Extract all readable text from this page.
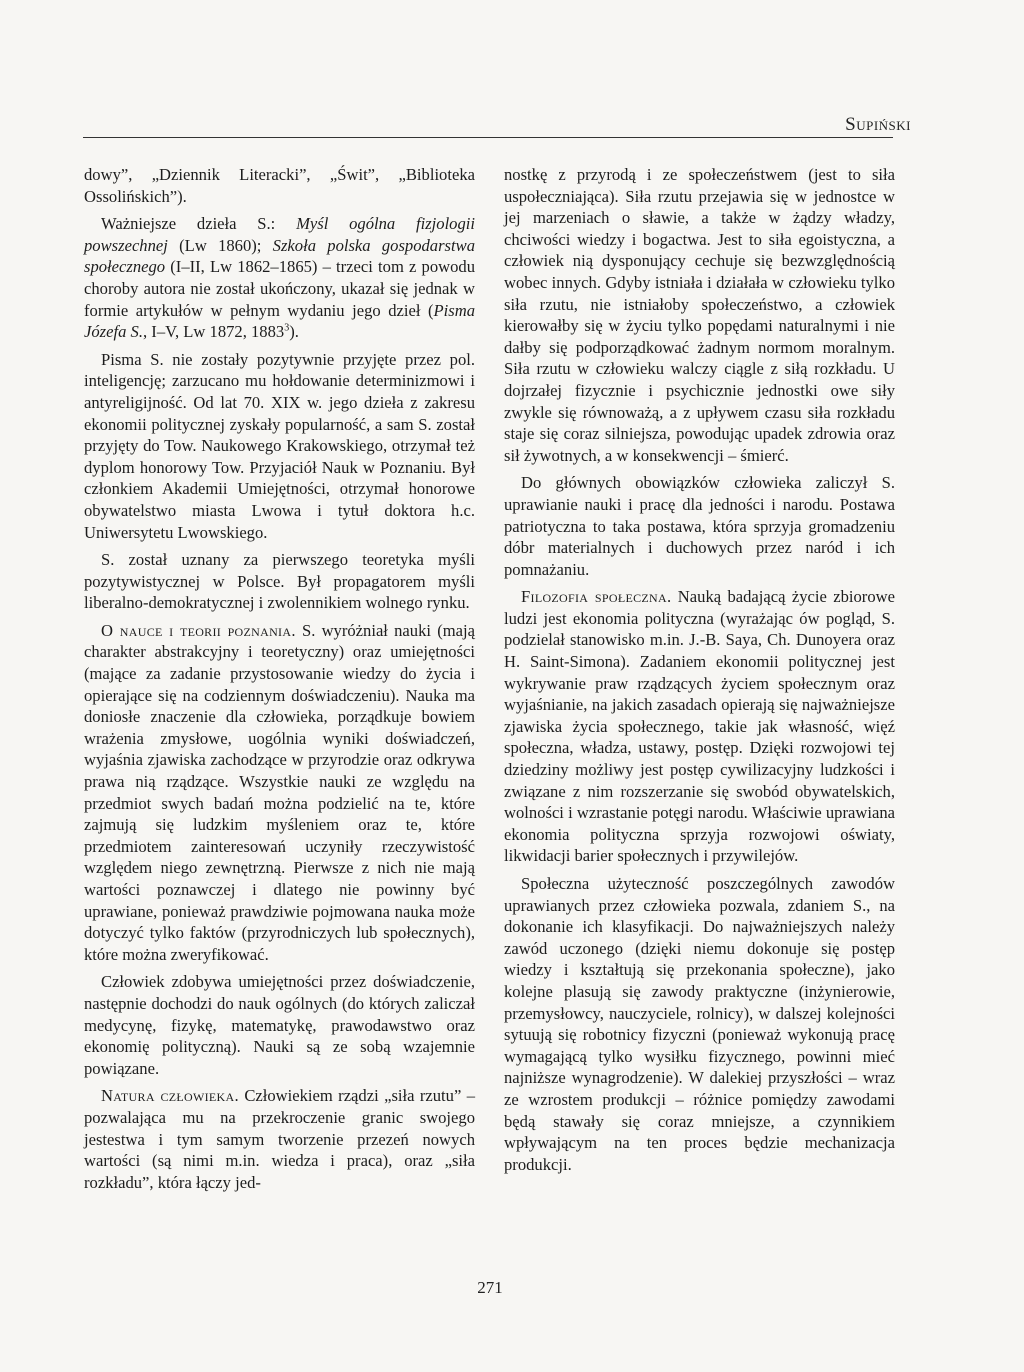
Supiński

dowy”, „Dziennik Literacki”, „Świt”, „Biblioteka Ossolińskich”).

Ważniejsze dzieła S.: Myśl ogólna fizjologii powszechnej (Lw 1860); Szkoła polska gospodarstwa społecznego (I–II, Lw 1862–1865) – trzeci tom z powodu choroby autora nie został ukończony, ukazał się jednak w formie artykułów w pełnym wydaniu jego dzieł (Pisma Józefa S., I–V, Lw 1872, 1883$^3$).

Pisma S. nie zostały pozytywnie przyjęte przez pol. inteligencję; zarzucano mu hołdowanie determinizmowi i antyreligijność. Od lat 70. XIX w. jego dzieła z zakresu ekonomii politycznej zyskały popularność, a sam S. został przyjęty do Tow. Naukowego Krakowskiego, otrzymał też dyplom honorowy Tow. Przyjaciół Nauk w Poznaniu. Był członkiem Akademii Umiejętności, otrzymał honorowe obywatelstwo miasta Lwowa i tytuł doktora h.c. Uniwersytetu Lwowskiego.

S. został uznany za pierwszego teoretyka myśli pozytywistycznej w Polsce. Był propagatorem myśli liberalno-demokratycznej i zwolennikiem wolnego rynku.

O nauce i teorii poznania. S. wyróżniał nauki (mają charakter abstrakcyjny i teoretyczny) oraz umiejętności (mające za zadanie przystosowanie wiedzy do życia i opierające się na codziennym doświadczeniu). Nauka ma doniosłe znaczenie dla człowieka, porządkuje bowiem wrażenia zmysłowe, uogólnia wyniki doświadczeń, wyjaśnia zjawiska zachodzące w przyrodzie oraz odkrywa prawa nią rządzące. Wszystkie nauki ze względu na przedmiot swych badań można podzielić na te, które zajmują się ludzkim myśleniem oraz te, które przedmiotem zainteresowań uczyniły rzeczywistość względem niego zewnętrzną. Pierwsze z nich nie mają wartości poznawczej i dlatego nie powinny być uprawiane, ponieważ prawdziwie pojmowana nauka może dotyczyć tylko faktów (przyrodniczych lub społecznych), które można zweryfikować.

Człowiek zdobywa umiejętności przez doświadczenie, następnie dochodzi do nauk ogólnych (do których zaliczał medycynę, fizykę, matematykę, prawodawstwo oraz ekonomię polityczną). Nauki są ze sobą wzajemnie powiązane.

Natura człowieka. Człowiekiem rządzi „siła rzutu” – pozwalająca mu na przekroczenie granic swojego jestestwa i tym samym tworzenie przezeń nowych wartości (są nimi m.in. wiedza i praca), oraz „siła rozkładu”, która łączy jed-

nostkę z przyrodą i ze społeczeństwem (jest to siła uspołeczniająca). Siła rzutu przejawia się w jednostce w jej marzeniach o sławie, a także w żądzy władzy, chciwości wiedzy i bogactwa. Jest to siła egoistyczna, a człowiek nią dysponujący cechuje się bezwzględnością wobec innych. Gdyby istniała i działała w człowieku tylko siła rzutu, nie istniałoby społeczeństwo, a człowiek kierowałby się w życiu tylko popędami naturalnymi i nie dałby się podporządkować żadnym normom moralnym. Siła rzutu w człowieku walczy ciągle z siłą rozkładu. U dojrzałej fizycznie i psychicznie jednostki owe siły zwykle się równoważą, a z upływem czasu siła rozkładu staje się coraz silniejsza, powodując upadek zdrowia oraz sił żywotnych, a w konsekwencji – śmierć.

Do głównych obowiązków człowieka zaliczył S. uprawianie nauki i pracę dla jedności i narodu. Postawa patriotyczna to taka postawa, która sprzyja gromadzeniu dóbr materialnych i duchowych przez naród i ich pomnażaniu.

Filozofia społeczna. Nauką badającą życie zbiorowe ludzi jest ekonomia polityczna (wyrażając ów pogląd, S. podzielał stanowisko m.in. J.-B. Saya, Ch. Dunoyera oraz H. Saint-Simona). Zadaniem ekonomii politycznej jest wykrywanie praw rządzących życiem społecznym oraz wyjaśnianie, na jakich zasadach opierają się najważniejsze zjawiska życia społecznego, takie jak własność, więź społeczna, władza, ustawy, postęp. Dzięki rozwojowi tej dziedziny możliwy jest postęp cywilizacyjny ludzkości i związane z nim rozszerzanie się swobód obywatelskich, wolności i wzrastanie potęgi narodu. Właściwie uprawiana ekonomia polityczna sprzyja rozwojowi oświaty, likwidacji barier społecznych i przywilejów.

Społeczna użyteczność poszczególnych zawodów uprawianych przez człowieka pozwala, zdaniem S., na dokonanie ich klasyfikacji. Do najważniejszych należy zawód uczonego (dzięki niemu dokonuje się postęp wiedzy i kształtują się przekonania społeczne), jako kolejne plasują się zawody praktyczne (inżynierowie, przemysłowcy, nauczyciele, rolnicy), w dalszej kolejności sytuują się robotnicy fizyczni (ponieważ wykonują pracę wymagającą tylko wysiłku fizycznego, powinni mieć najniższe wynagrodzenie). W dalekiej przyszłości – wraz ze wzrostem produkcji – różnice pomiędzy zawodami będą stawały się coraz mniejsze, a czynnikiem wpływającym na ten proces będzie mechanizacja produkcji.

271
